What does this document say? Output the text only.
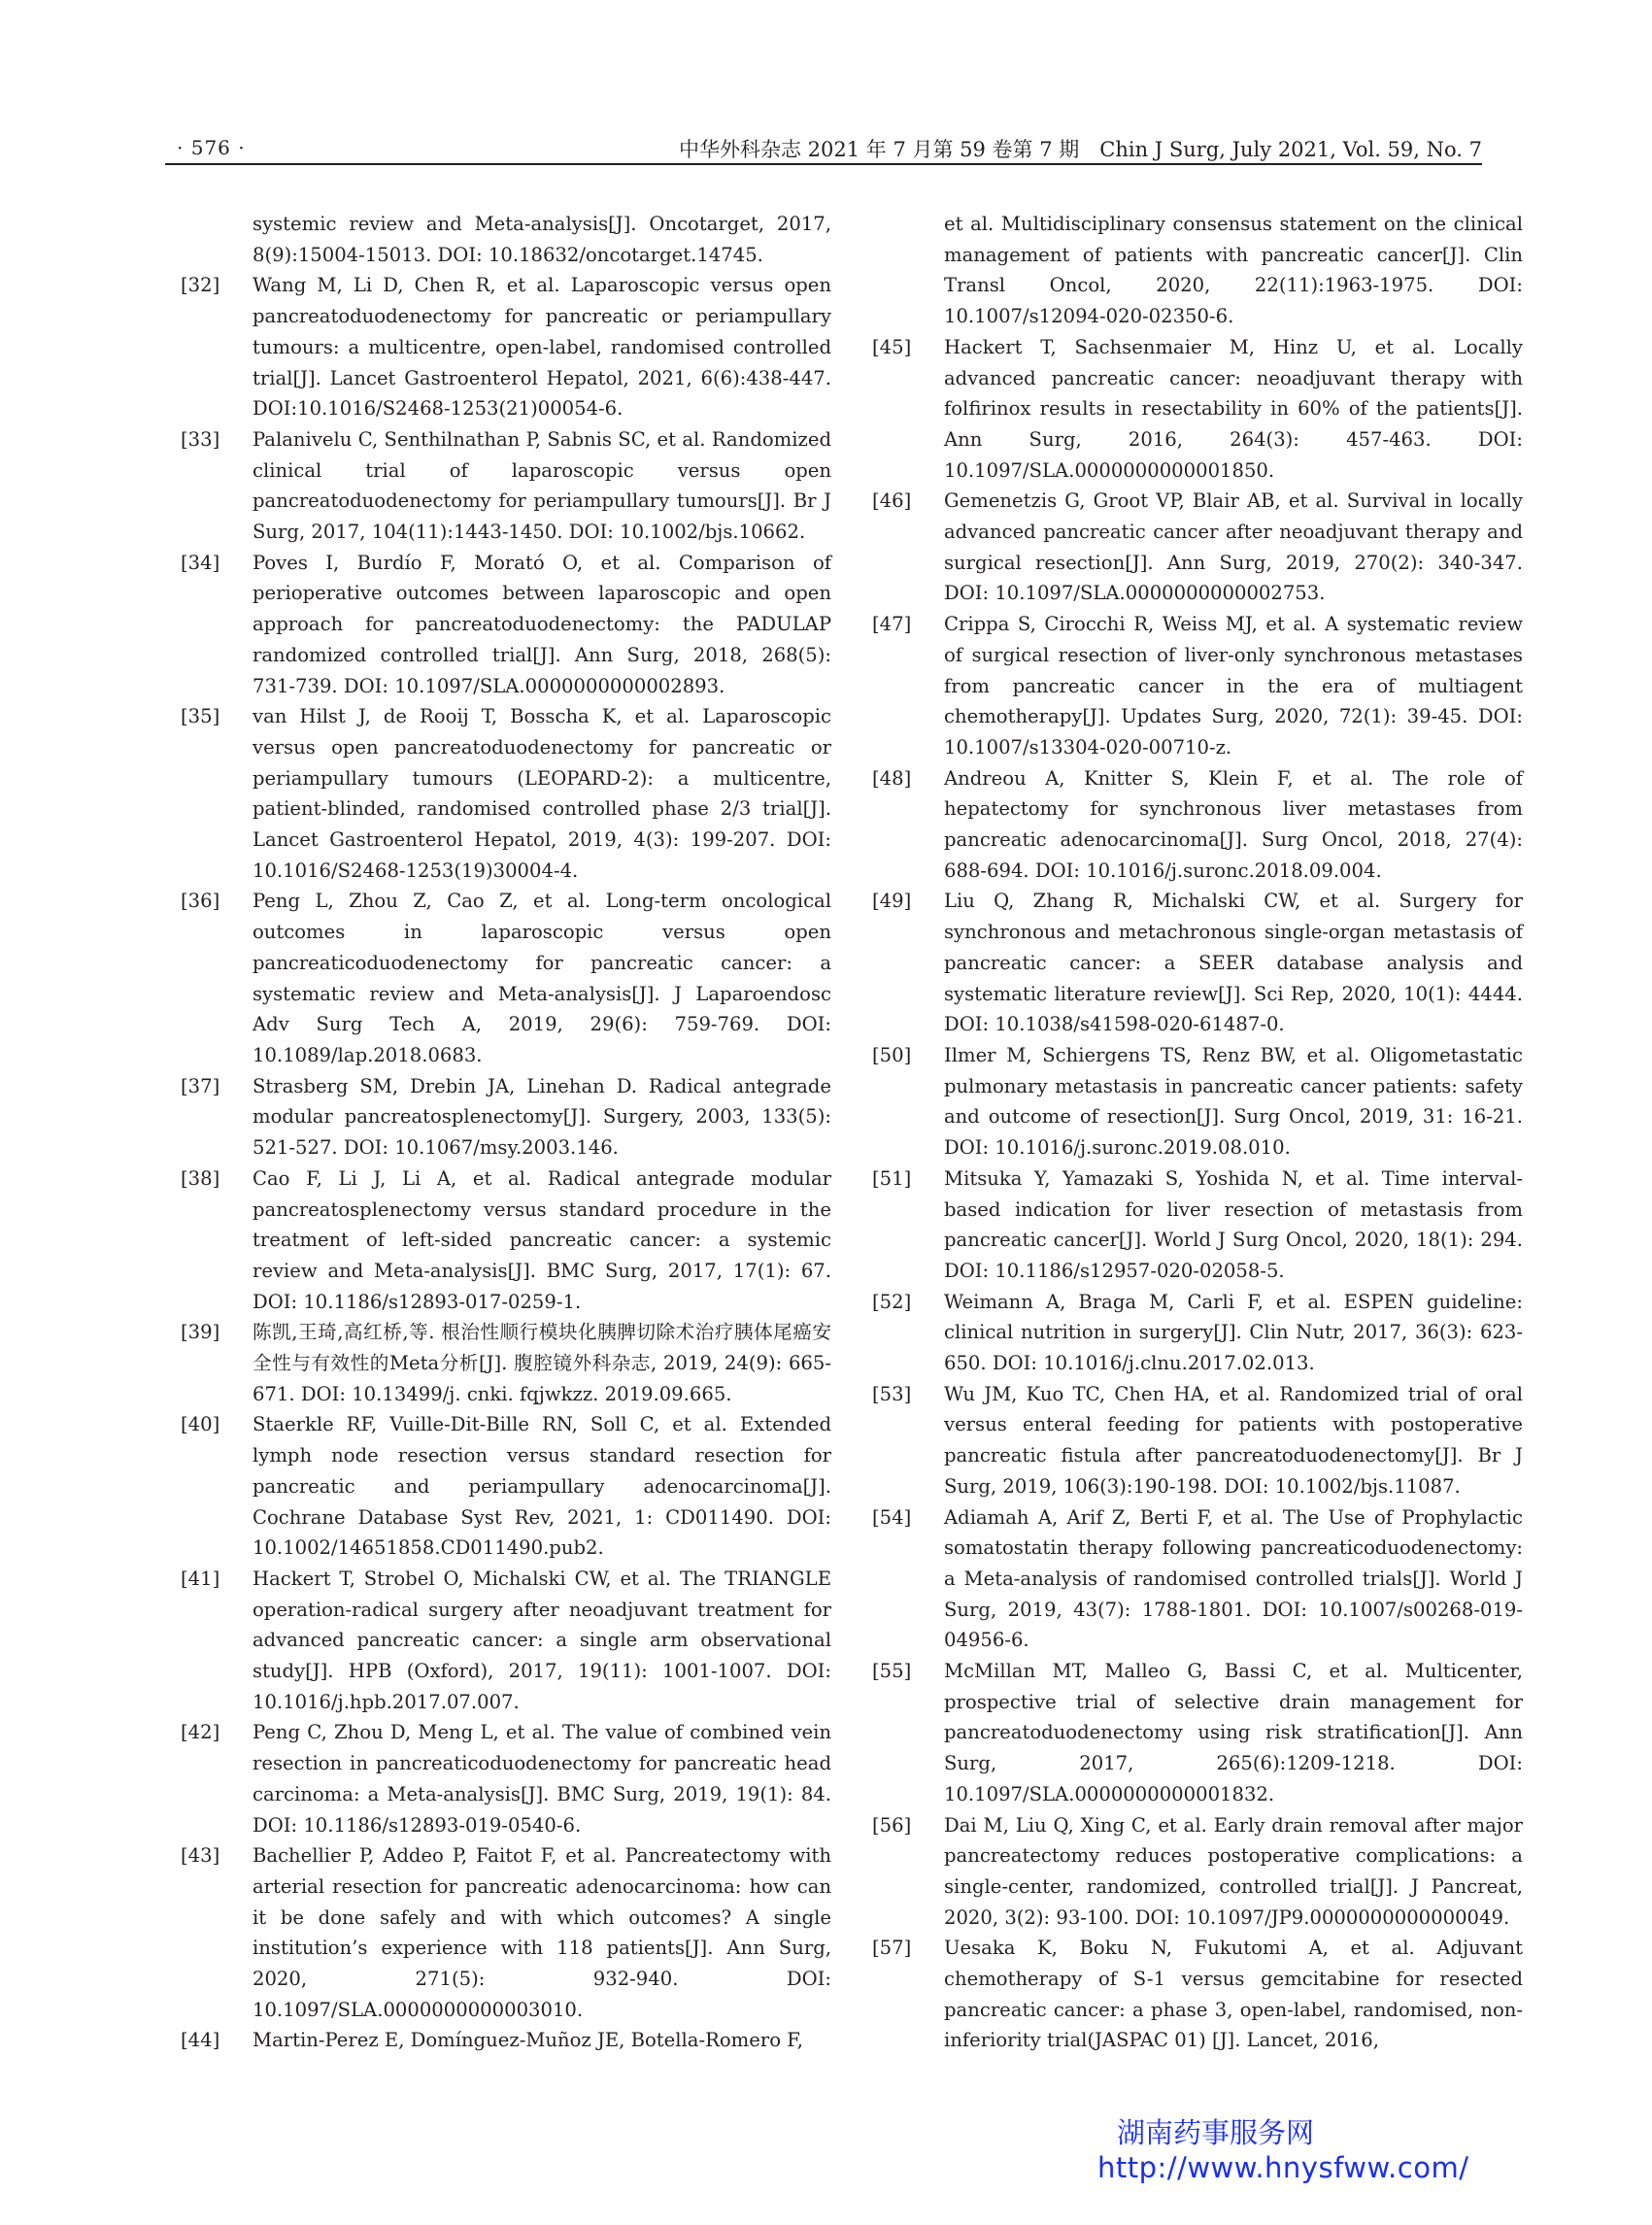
· 576 ·	中华外科杂志 2021 年 7 月第 59 卷第 7 期　Chin J Surg, July 2021, Vol. 59, No. 7
systemic review and Meta-analysis[J]. Oncotarget, 2017, 8(9):15004-15013. DOI: 10.18632/oncotarget.14745.
[32]	Wang M, Li D, Chen R, et al. Laparoscopic versus open pancreatoduodenectomy for pancreatic or periampullary tumours: a multicentre, open-label, randomised controlled trial[J]. Lancet Gastroenterol Hepatol, 2021, 6(6):438-447. DOI:10.1016/S2468-1253(21)00054-6.
[33]	Palanivelu C, Senthilnathan P, Sabnis SC, et al. Randomized clinical trial of laparoscopic versus open pancreatoduodenectomy for periampullary tumours[J]. Br J Surg, 2017, 104(11):1443-1450. DOI: 10.1002/bjs.10662.
[34]	Poves I, Burdío F, Morató O, et al. Comparison of perioperative outcomes between laparoscopic and open approach for pancreatoduodenectomy: the PADULAP randomized controlled trial[J]. Ann Surg, 2018, 268(5): 731-739. DOI: 10.1097/SLA.0000000000002893.
[35]	van Hilst J, de Rooij T, Bosscha K, et al. Laparoscopic versus open pancreatoduodenectomy for pancreatic or periampullary tumours (LEOPARD-2): a multicentre, patient-blinded, randomised controlled phase 2/3 trial[J]. Lancet Gastroenterol Hepatol, 2019, 4(3): 199-207. DOI: 10.1016/S2468-1253(19)30004-4.
[36]	Peng L, Zhou Z, Cao Z, et al. Long-term oncological outcomes in laparoscopic versus open pancreaticoduodenectomy for pancreatic cancer: a systematic review and Meta-analysis[J]. J Laparoendosc Adv Surg Tech A, 2019, 29(6): 759-769. DOI: 10.1089/lap.2018.0683.
[37]	Strasberg SM, Drebin JA, Linehan D. Radical antegrade modular pancreatosplenectomy[J]. Surgery, 2003, 133(5): 521-527. DOI: 10.1067/msy.2003.146.
[38]	Cao F, Li J, Li A, et al. Radical antegrade modular pancreatosplenectomy versus standard procedure in the treatment of left-sided pancreatic cancer: a systemic review and Meta-analysis[J]. BMC Surg, 2017, 17(1): 67. DOI: 10.1186/s12893-017-0259-1.
[39]	陈凯,王琦,高红桥,等. 根治性顺行模块化胰脾切除术治疗胰体尾癌安全性与有效性的Meta分析[J]. 腹腔镜外科杂志, 2019, 24(9): 665-671. DOI: 10.13499/j. cnki. fqjwkzz. 2019.09.665.
[40]	Staerkle RF, Vuille-Dit-Bille RN, Soll C, et al. Extended lymph node resection versus standard resection for pancreatic and periampullary adenocarcinoma[J]. Cochrane Database Syst Rev, 2021, 1: CD011490. DOI: 10.1002/14651858.CD011490.pub2.
[41]	Hackert T, Strobel O, Michalski CW, et al. The TRIANGLE operation-radical surgery after neoadjuvant treatment for advanced pancreatic cancer: a single arm observational study[J]. HPB (Oxford), 2017, 19(11): 1001-1007. DOI: 10.1016/j.hpb.2017.07.007.
[42]	Peng C, Zhou D, Meng L, et al. The value of combined vein resection in pancreaticoduodenectomy for pancreatic head carcinoma: a Meta-analysis[J]. BMC Surg, 2019, 19(1): 84. DOI: 10.1186/s12893-019-0540-6.
[43]	Bachellier P, Addeo P, Faitot F, et al. Pancreatectomy with arterial resection for pancreatic adenocarcinoma: how can it be done safely and with which outcomes? A single institution’s experience with 118 patients[J]. Ann Surg, 2020, 271(5): 932-940. DOI: 10.1097/SLA.0000000000003010.
[44]	Martin-Perez E, Domínguez-Muñoz JE, Botella-Romero F,
et al. Multidisciplinary consensus statement on the clinical management of patients with pancreatic cancer[J]. Clin Transl Oncol, 2020, 22(11):1963-1975. DOI: 10.1007/s12094-020-02350-6.
[45]	Hackert T, Sachsenmaier M, Hinz U, et al. Locally advanced pancreatic cancer: neoadjuvant therapy with folfirinox results in resectability in 60% of the patients[J]. Ann Surg, 2016, 264(3): 457-463. DOI: 10.1097/SLA.0000000000001850.
[46]	Gemenetzis G, Groot VP, Blair AB, et al. Survival in locally advanced pancreatic cancer after neoadjuvant therapy and surgical resection[J]. Ann Surg, 2019, 270(2): 340-347. DOI: 10.1097/SLA.0000000000002753.
[47]	Crippa S, Cirocchi R, Weiss MJ, et al. A systematic review of surgical resection of liver-only synchronous metastases from pancreatic cancer in the era of multiagent chemotherapy[J]. Updates Surg, 2020, 72(1): 39-45. DOI: 10.1007/s13304-020-00710-z.
[48]	Andreou A, Knitter S, Klein F, et al. The role of hepatectomy for synchronous liver metastases from pancreatic adenocarcinoma[J]. Surg Oncol, 2018, 27(4): 688-694. DOI: 10.1016/j.suronc.2018.09.004.
[49]	Liu Q, Zhang R, Michalski CW, et al. Surgery for synchronous and metachronous single-organ metastasis of pancreatic cancer: a SEER database analysis and systematic literature review[J]. Sci Rep, 2020, 10(1): 4444. DOI: 10.1038/s41598-020-61487-0.
[50]	Ilmer M, Schiergens TS, Renz BW, et al. Oligometastatic pulmonary metastasis in pancreatic cancer patients: safety and outcome of resection[J]. Surg Oncol, 2019, 31: 16-21. DOI: 10.1016/j.suronc.2019.08.010.
[51]	Mitsuka Y, Yamazaki S, Yoshida N, et al. Time interval-based indication for liver resection of metastasis from pancreatic cancer[J]. World J Surg Oncol, 2020, 18(1): 294. DOI: 10.1186/s12957-020-02058-5.
[52]	Weimann A, Braga M, Carli F, et al. ESPEN guideline: clinical nutrition in surgery[J]. Clin Nutr, 2017, 36(3): 623-650. DOI: 10.1016/j.clnu.2017.02.013.
[53]	Wu JM, Kuo TC, Chen HA, et al. Randomized trial of oral versus enteral feeding for patients with postoperative pancreatic fistula after pancreatoduodenectomy[J]. Br J Surg, 2019, 106(3):190-198. DOI: 10.1002/bjs.11087.
[54]	Adiamah A, Arif Z, Berti F, et al. The Use of Prophylactic somatostatin therapy following pancreaticoduodenectomy: a Meta-analysis of randomised controlled trials[J]. World J Surg, 2019, 43(7): 1788-1801. DOI: 10.1007/s00268-019-04956-6.
[55]	McMillan MT, Malleo G, Bassi C, et al. Multicenter, prospective trial of selective drain management for pancreatoduodenectomy using risk stratification[J]. Ann Surg, 2017, 265(6):1209-1218. DOI: 10.1097/SLA.0000000000001832.
[56]	Dai M, Liu Q, Xing C, et al. Early drain removal after major pancreatectomy reduces postoperative complications: a single-center, randomized, controlled trial[J]. J Pancreat, 2020, 3(2): 93-100. DOI: 10.1097/JP9.0000000000000049.
[57]	Uesaka K, Boku N, Fukutomi A, et al. Adjuvant chemotherapy of S-1 versus gemcitabine for resected pancreatic cancer: a phase 3, open-label, randomised, non-inferiority trial(JASPAC 01) [J]. Lancet, 2016,
湖南药事服务网
http://www.hnysfww.com/
